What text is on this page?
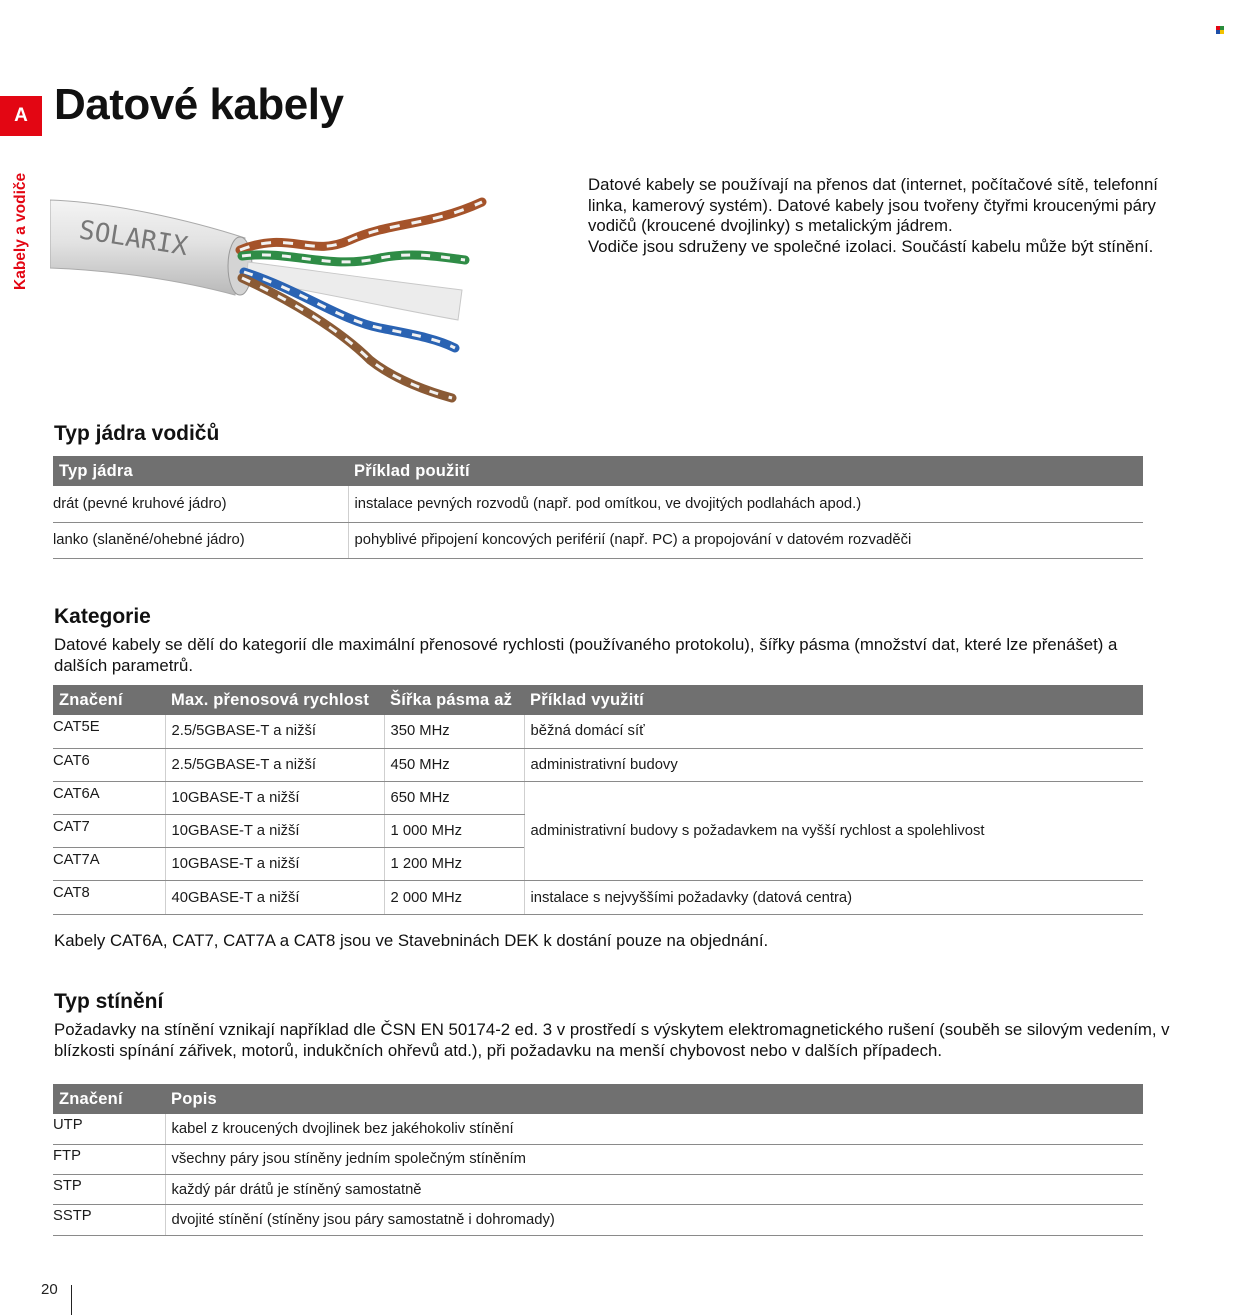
A
Kabely a vodiče
Datové kabely
SOLARIX

Datové kabely se používají na přenos dat (internet, počítačové sítě, telefonní linka, kamerový systém). Datové kabely jsou tvořeny čtyřmi kroucenými páry vodičů (kroucené dvojlinky) s metalickým jádrem.

Vodiče jsou sdruženy ve společné izolaci. Součástí kabelu může být stínění.

Typ jádra vodičů
Typ jádra	Příklad použití
drát (pevné kruhové jádro)	instalace pevných rozvodů (např. pod omítkou, ve dvojitých podlahách apod.)
lanko (slaněné/ohebné jádro)	pohyblivé připojení koncových periférií (např. PC) a propojování v datovém rozvaděči
Kategorie

Datové kabely se dělí do kategorií dle maximální přenosové rychlosti (používaného protokolu), šířky pásma (množství dat, které lze přenášet) a dalších parametrů.

Značení	Max. přenosová rychlost	Šířka pásma až	Příklad využití
CAT5E	2.5/5GBASE-T a nižší	350 MHz	běžná domácí síť
CAT6	2.5/5GBASE-T a nižší	450 MHz	administrativní budovy
CAT6A	10GBASE-T a nižší	650 MHz	administrativní budovy s požadavkem na vyšší rychlost a spolehlivost
CAT7	10GBASE-T a nižší	1 000 MHz	
CAT7A	10GBASE-T a nižší	1 200 MHz	
CAT8	40GBASE-T a nižší	2 000 MHz	instalace s nejvyššími požadavky (datová centra)

Kabely CAT6A, CAT7, CAT7A a CAT8 jsou ve Stavebninách DEK k dostání pouze na objednání.

Typ stínění

Požadavky na stínění vznikají například dle ČSN EN 50174-2 ed. 3 v prostředí s výskytem elektromagnetického rušení (souběh se silovým vedením, v blízkosti spínání zářivek, motorů, indukčních ohřevů atd.), při požadavku na menší chybovost nebo v dalších případech.

Značení	Popis
UTP	kabel z kroucených dvojlinek bez jakéhokoliv stínění
FTP	všechny páry jsou stíněny jedním společným stíněním
STP	každý pár drátů je stíněný samostatně
SSTP	dvojité stínění (stíněny jsou páry samostatně i dohromady)
20
